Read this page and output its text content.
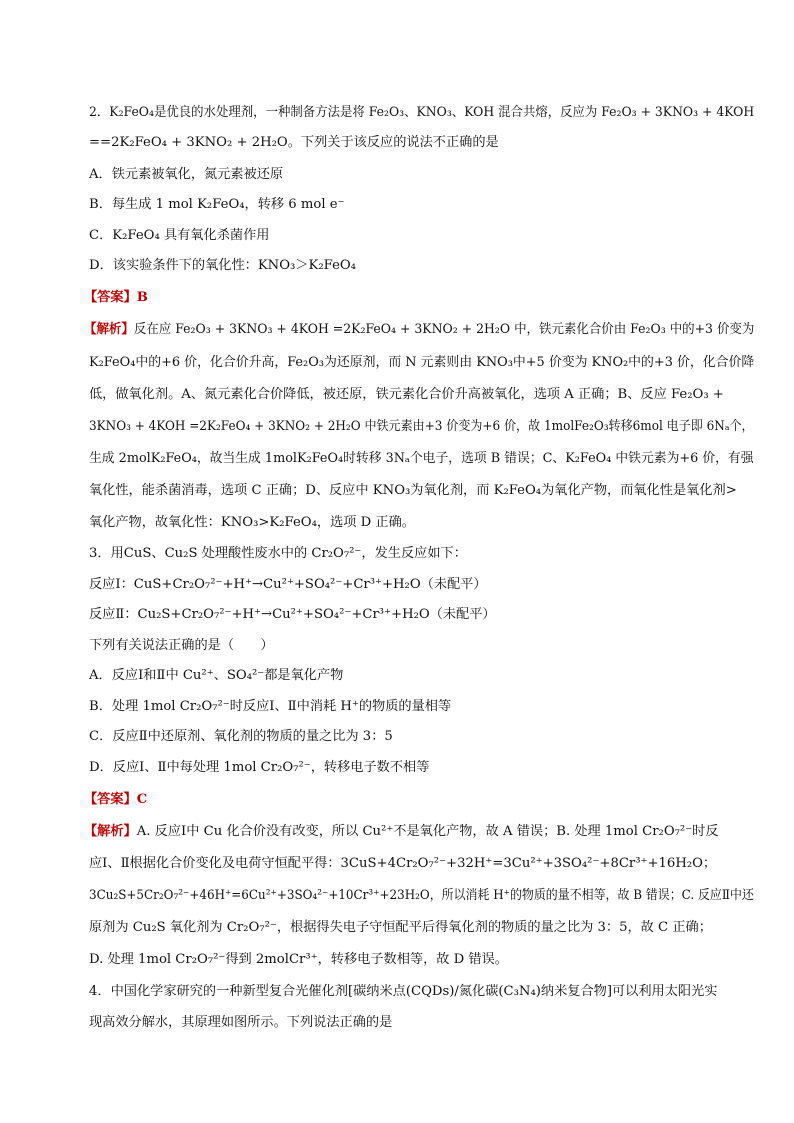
2．K₂FeO₄是优良的水处理剂，一种制备方法是将 Fe₂O₃、KNO₃、KOH 混合共熔，反应为 Fe₂O₃ + 3KNO₃ + 4KOH
==2K₂FeO₄ + 3KNO₂ + 2H₂O。下列关于该反应的说法不正确的是
A．铁元素被氧化，氮元素被还原
B．每生成 1 mol K₂FeO₄，转移 6 mol e⁻
C．K₂FeO₄ 具有氧化杀菌作用
D．该实验条件下的氧化性：KNO₃＞K₂FeO₄
【答案】B
【解析】反在应 Fe₂O₃ + 3KNO₃ + 4KOH =2K₂FeO₄ + 3KNO₂ + 2H₂O 中，铁元素化合价由 Fe₂O₃ 中的+3 价变为
K₂FeO₄中的+6 价，化合价升高，Fe₂O₃为还原剂，而 N 元素则由 KNO₃中+5 价变为 KNO₂中的+3 价，化合价降
低，做氧化剂。A、氮元素化合价降低，被还原，铁元素化合价升高被氧化，选项 A 正确；B、反应 Fe₂O₃ +
3KNO₃ + 4KOH =2K₂FeO₄ + 3KNO₂ + 2H₂O 中铁元素由+3 价变为+6 价，故 1molFe₂O₃转移6mol 电子即 6Nₐ个，
生成 2molK₂FeO₄，故当生成 1molK₂FeO₄时转移 3Nₐ个电子，选项 B 错误；C、K₂FeO₄ 中铁元素为+6 价，有强
氧化性，能杀菌消毒，选项 C 正确；D、反应中 KNO₃为氧化剂，而 K₂FeO₄为氧化产物，而氧化性是氧化剂>
氧化产物，故氧化性：KNO₃>K₂FeO₄，选项 D 正确。
3．用CuS、Cu₂S 处理酸性废水中的 Cr₂O₇²⁻，发生反应如下：
反应Ⅰ：CuS+Cr₂O₇²⁻+H⁺→Cu²⁺+SO₄²⁻+Cr³⁺+H₂O（未配平）
反应Ⅱ：Cu₂S+Cr₂O₇²⁻+H⁺→Cu²⁺+SO₄²⁻+Cr³⁺+H₂O（未配平）
下列有关说法正确的是（　　）
A．反应Ⅰ和Ⅱ中 Cu²⁺、SO₄²⁻都是氧化产物
B．处理 1mol Cr₂O₇²⁻时反应Ⅰ、Ⅱ中消耗 H⁺的物质的量相等
C．反应Ⅱ中还原剂、氧化剂的物质的量之比为 3：5
D．反应Ⅰ、Ⅱ中每处理 1mol Cr₂O₇²⁻，转移电子数不相等
【答案】C
【解析】A. 反应Ⅰ中 Cu 化合价没有改变，所以 Cu²⁺不是氧化产物，故 A 错误；B. 处理 1mol Cr₂O₇²⁻时反
应Ⅰ、Ⅱ根据化合价变化及电荷守恒配平得：3CuS+4Cr₂O₇²⁻+32H⁺=3Cu²⁺+3SO₄²⁻+8Cr³⁺+16H₂O；
3Cu₂S+5Cr₂O₇²⁻+46H⁺=6Cu²⁺+3SO₄²⁻+10Cr³⁺+23H₂O，所以消耗 H⁺的物质的量不相等，故 B 错误；C. 反应Ⅱ中还
原剂为 Cu₂S 氧化剂为 Cr₂O₇²⁻，根据得失电子守恒配平后得氧化剂的物质的量之比为 3：5，故 C 正确；
D. 处理 1mol Cr₂O₇²⁻得到 2molCr³⁺，转移电子数相等，故 D 错误。
4．中国化学家研究的一种新型复合光催化剂[碳纳米点(CQDs)/氮化碳(C₃N₄)纳米复合物]可以利用太阳光实
现高效分解水，其原理如图所示。下列说法正确的是
